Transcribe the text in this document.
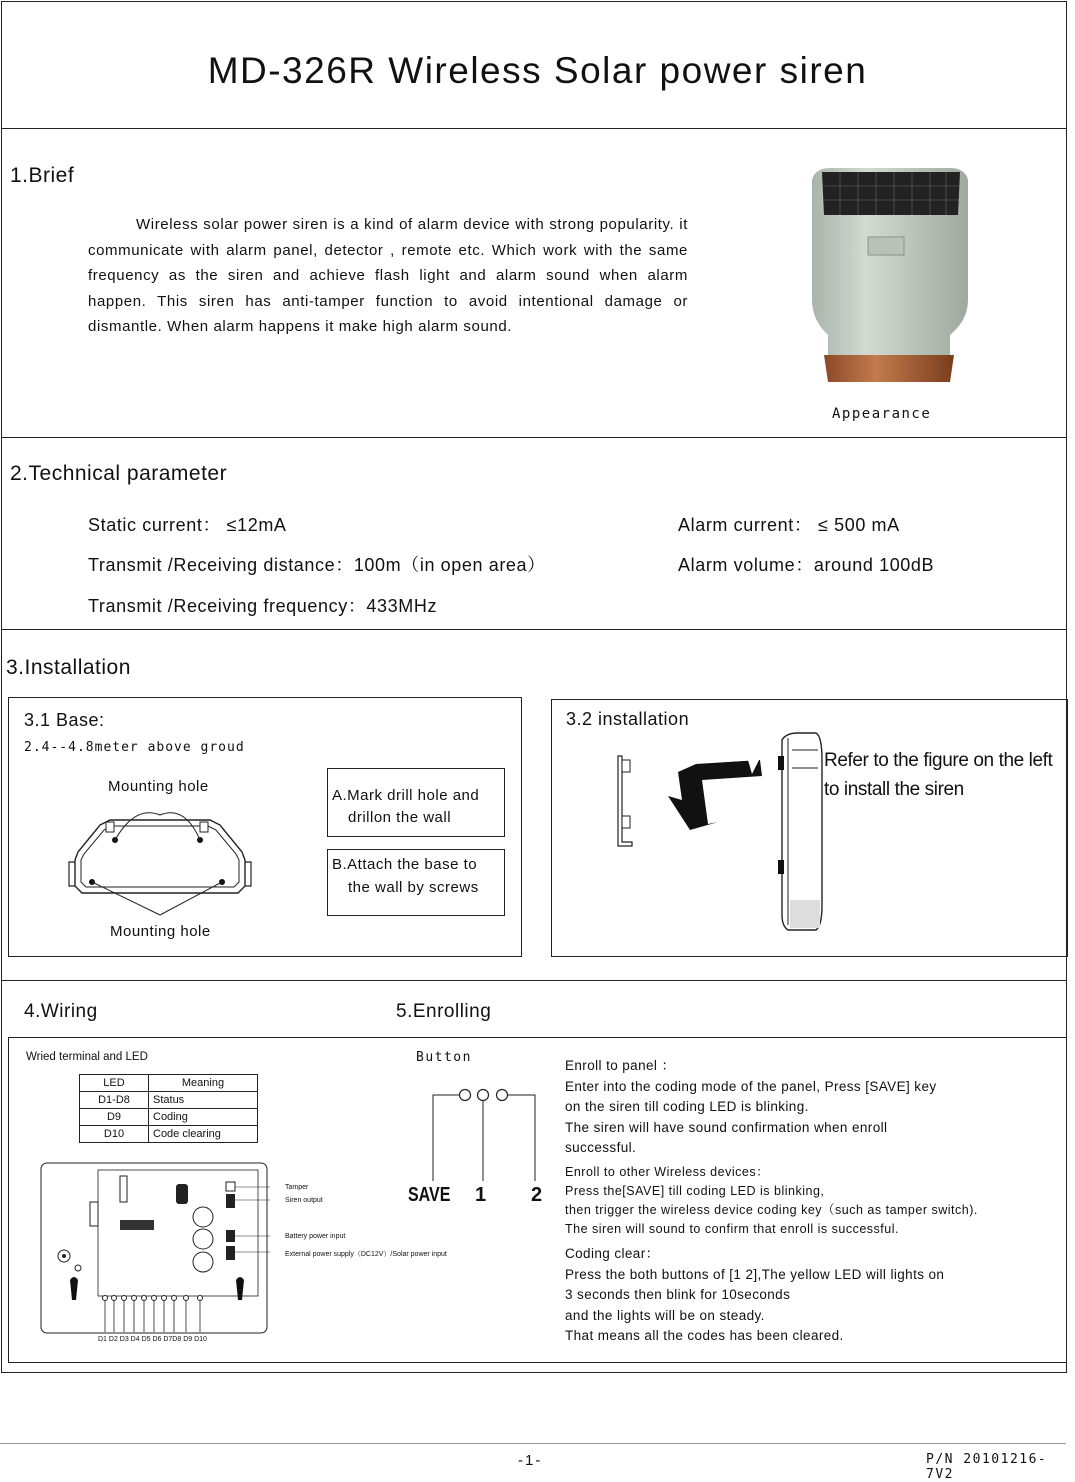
MD-326R Wireless Solar power siren
1.Brief

Wireless solar power siren is a kind of alarm device with strong popularity. it communicate with alarm panel, detector , remote etc. Which work with the same frequency as the siren and achieve flash light and alarm sound when alarm happen. This siren has anti-tamper function to avoid intentional damage or dismantle. When alarm happens it make high alarm sound.

Appearance
2.Technical parameter
Static current： ≤12mA
Transmit /Receiving distance：100m（in open area）
Transmit /Receiving frequency：433MHz
Alarm current： ≤ 500 mA
Alarm volume：around 100dB
3.Installation
3.1 Base:
2.4--4.8meter above groud
Mounting hole
Mounting hole
A.Mark drill hole and
drillon the wall
B.Attach the base to
the wall by screws
3.2 installation
Refer to the figure on the left
to install the siren
4.Wiring	5.Enrolling
Wried terminal and LED
LED	Meaning
D1-D8	Status
D9	Coding
D10	Code clearing
Tamper
Siren output
Battery power input
External power supply（DC12V）/Solar power input
D1 D2 D3 D4 D5 D6 D7D8 D9 D10
Button
SAVE 1 2
Enroll to panel ：
Enter into the coding mode of the panel, Press [SAVE] key
on the siren till coding LED is blinking.
The siren will have sound confirmation when enroll
successful.
Enroll to other Wireless devices：
Press the[SAVE] till coding LED is blinking,
then trigger the wireless device coding key（such as tamper switch).
The siren will sound to confirm that enroll is successful.
Coding clear：
Press the both buttons of [1 2],The yellow LED will lights on
3 seconds then blink for 10seconds
and the lights will be on steady.
That means all the codes has been cleared.
-1-	P/N 20101216-7V2
